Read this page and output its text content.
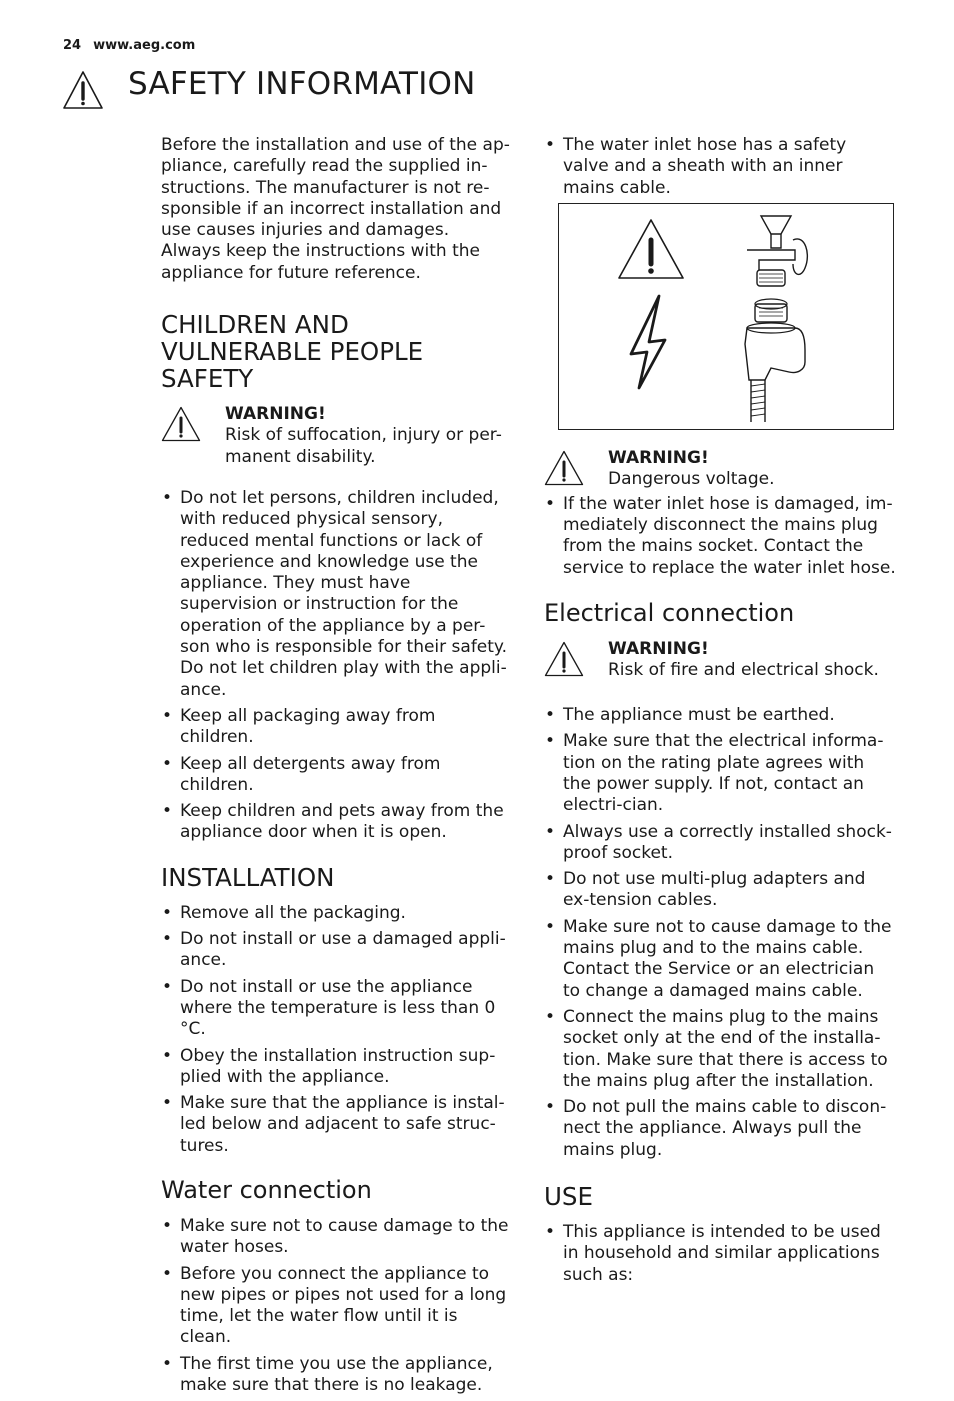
24 www.aeg.com
SAFETY INFORMATION

Before the installation and use of the ap-pliance, carefully read the supplied in-structions. The manufacturer is not re-sponsible if an incorrect installation and use causes injuries and damages. Always keep the instructions with the appliance for future reference.

CHILDREN AND VULNERABLE PEOPLE SAFETY
WARNING!
Risk of suffocation, injury or per-manent disability.
• Do not let persons, children included, with reduced physical sensory, reduced mental functions or lack of experience and knowledge use the appliance. They must have supervision or instruction for the operation of the appliance by a per-son who is responsible for their safety. Do not let children play with the appli-ance.
• Keep all packaging away from children.
• Keep all detergents away from children.
• Keep children and pets away from the appliance door when it is open.
INSTALLATION
• Remove all the packaging.
• Do not install or use a damaged appli-ance.
• Do not install or use the appliance where the temperature is less than 0 °C.
• Obey the installation instruction sup-plied with the appliance.
• Make sure that the appliance is instal-led below and adjacent to safe struc-tures.
Water connection
• Make sure not to cause damage to the water hoses.
• Before you connect the appliance to new pipes or pipes not used for a long time, let the water flow until it is clean.
• The first time you use the appliance, make sure that there is no leakage.
• The water inlet hose has a safety valve and a sheath with an inner mains cable.
WARNING!
Dangerous voltage.
• If the water inlet hose is damaged, im-mediately disconnect the mains plug from the mains socket. Contact the service to replace the water inlet hose.
Electrical connection
WARNING!
Risk of fire and electrical shock.
• The appliance must be earthed.
• Make sure that the electrical informa-tion on the rating plate agrees with the power supply. If not, contact an electri-cian.
• Always use a correctly installed shock-proof socket.
• Do not use multi-plug adapters and ex-tension cables.
• Make sure not to cause damage to the mains plug and to the mains cable. Contact the Service or an electrician to change a damaged mains cable.
• Connect the mains plug to the mains socket only at the end of the installa-tion. Make sure that there is access to the mains plug after the installation.
• Do not pull the mains cable to discon-nect the appliance. Always pull the mains plug.
USE
• This appliance is intended to be used in household and similar applications such as:
